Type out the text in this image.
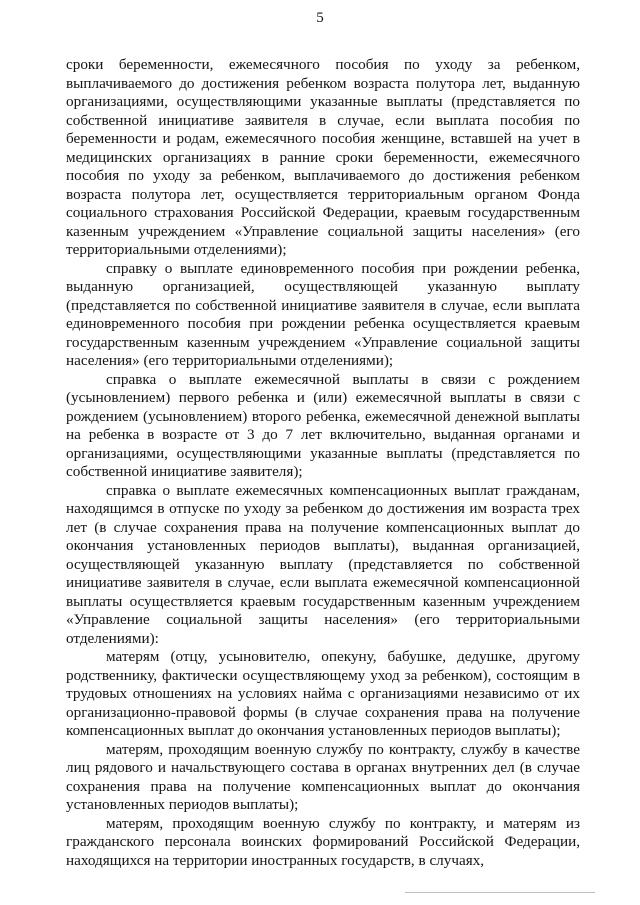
5

сроки беременности, ежемесячного пособия по уходу за ребенком, выплачиваемого до достижения ребенком возраста полутора лет, выданную организациями, осуществляющими указанные выплаты (представляется по собственной инициативе заявителя в случае, если выплата пособия по беременности и родам, ежемесячного пособия женщине, вставшей на учет в медицинских организациях в ранние сроки беременности, ежемесячного пособия по уходу за ребенком, выплачиваемого до достижения ребенком возраста полутора лет, осуществляется территориальным органом Фонда социального страхования Российской Федерации, краевым государственным казенным учреждением «Управление социальной защиты населения» (его территориальными отделениями);

справку о выплате единовременного пособия при рождении ребенка, выданную организацией, осуществляющей указанную выплату (представляется по собственной инициативе заявителя в случае, если выплата единовременного пособия при рождении ребенка осуществляется краевым государственным казенным учреждением «Управление социальной защиты населения» (его территориальными отделениями);

справка о выплате ежемесячной выплаты в связи с рождением (усыновлением) первого ребенка и (или) ежемесячной выплаты в связи с рождением (усыновлением) второго ребенка, ежемесячной денежной выплаты на ребенка в возрасте от 3 до 7 лет включительно, выданная органами и организациями, осуществляющими указанные выплаты (представляется по собственной инициативе заявителя);

справка о выплате ежемесячных компенсационных выплат гражданам, находящимся в отпуске по уходу за ребенком до достижения им возраста трех лет (в случае сохранения права на получение компенсационных выплат до окончания установленных периодов выплаты), выданная организацией, осуществляющей указанную выплату (представляется по собственной инициативе заявителя в случае, если выплата ежемесячной компенсационной выплаты осуществляется краевым государственным казенным учреждением «Управление социальной защиты населения» (его территориальными отделениями):

матерям (отцу, усыновителю, опекуну, бабушке, дедушке, другому родственнику, фактически осуществляющему уход за ребенком), состоящим в трудовых отношениях на условиях найма с организациями независимо от их организационно-правовой формы (в случае сохранения права на получение компенсационных выплат до окончания установленных периодов выплаты);

матерям, проходящим военную службу по контракту, службу в качестве лиц рядового и начальствующего состава в органах внутренних дел (в случае сохранения права на получение компенсационных выплат до окончания установленных периодов выплаты);

матерям, проходящим военную службу по контракту, и матерям из гражданского персонала воинских формирований Российской Федерации, находящихся на территории иностранных государств, в случаях,
